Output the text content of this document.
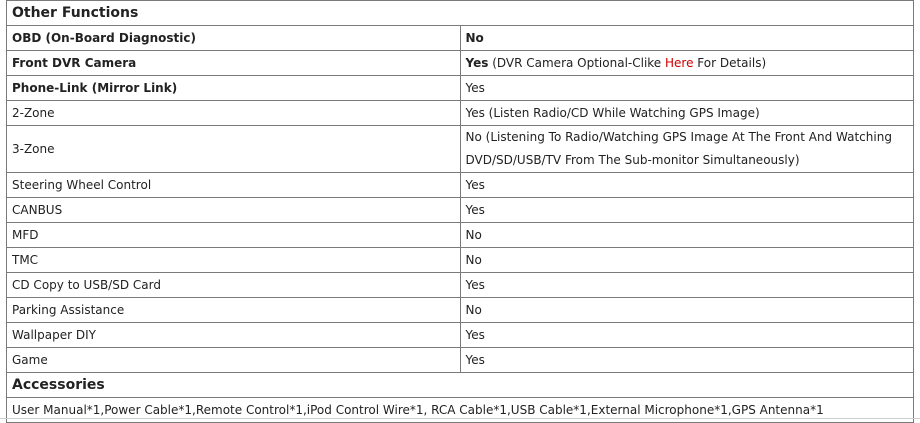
Other Functions	
OBD (On-Board Diagnostic)	No
Front DVR Camera	Yes (DVR Camera Optional-Clike Here For Details)
Phone-Link (Mirror Link)	Yes
2-Zone	Yes (Listen Radio/CD While Watching GPS Image)
3-Zone	No (Listening To Radio/Watching GPS Image At The Front And Watching DVD/SD/USB/TV From The Sub-monitor Simultaneously)
Steering Wheel Control	Yes
CANBUS	Yes
MFD	No
TMC	No
CD Copy to USB/SD Card	Yes
Parking Assistance	No
Wallpaper DIY	Yes
Game	Yes
Accessories	
User Manual*1,Power Cable*1,Remote Control*1,iPod Control Wire*1, RCA Cable*1,USB Cable*1,External Microphone*1,GPS Antenna*1	
